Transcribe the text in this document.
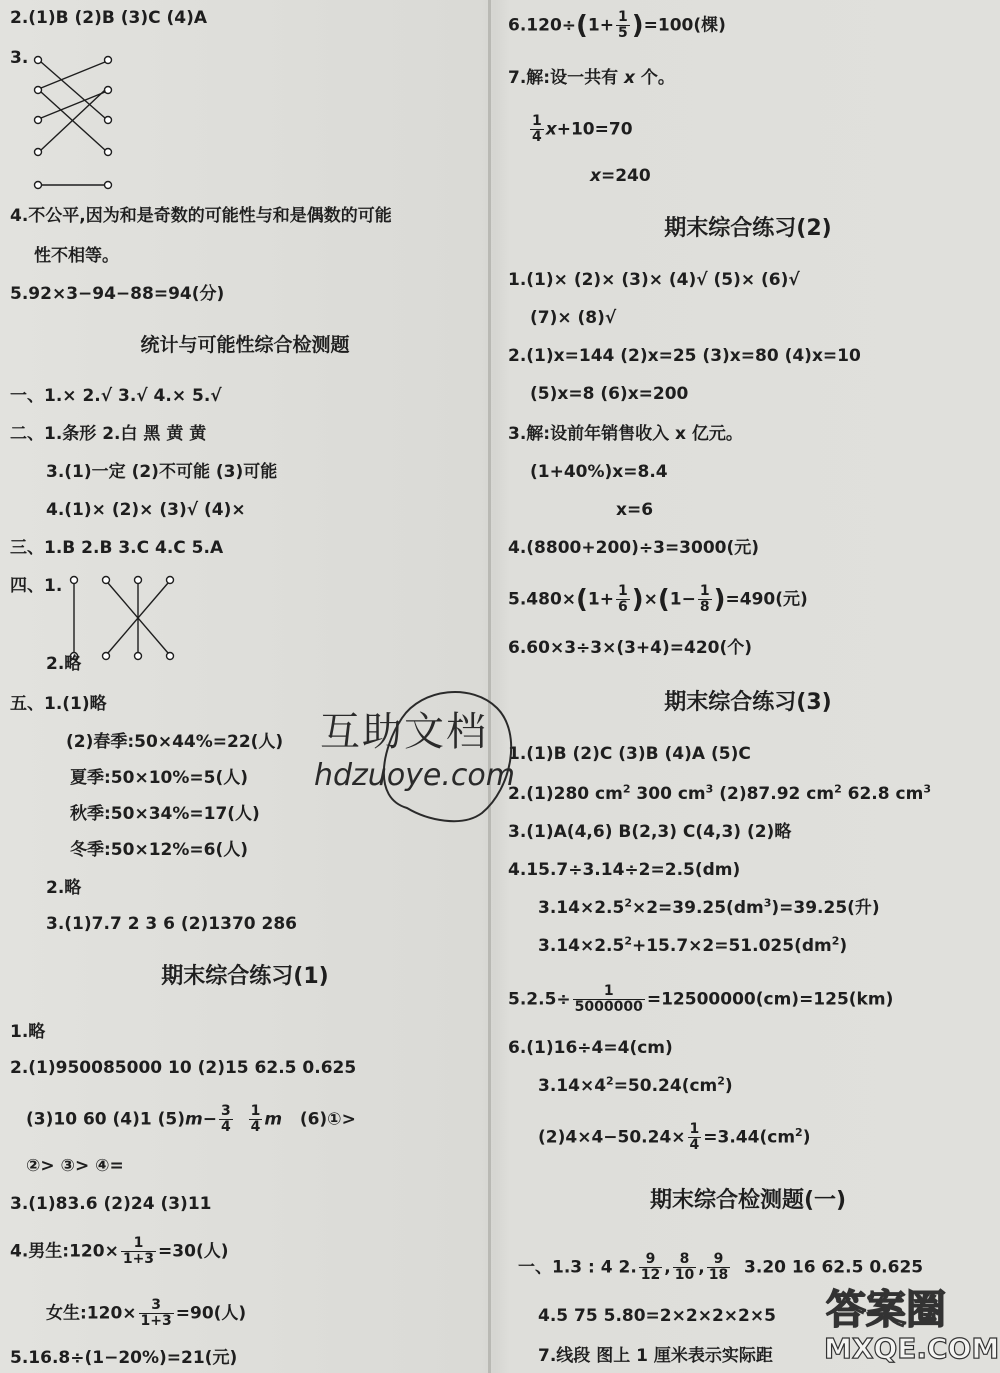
2.(1)B (2)B (3)C (4)A
3.
4.不公平,因为和是奇数的可能性与和是偶数的可能
性不相等。
5.92×3−94−88=94(分)
统计与可能性综合检测题
一、1.× 2.√ 3.√ 4.× 5.√
二、1.条形 2.白 黑 黄 黄
3.(1)一定 (2)不可能 (3)可能
4.(1)× (2)× (3)√ (4)×
三、1.B 2.B 3.C 4.C 5.A
四、1.
2.略
五、1.(1)略
(2)春季:50×44%=22(人)
夏季:50×10%=5(人)
秋季:50×34%=17(人)
冬季:50×12%=6(人)
2.略
3.(1)7.7 2 3 6 (2)1370 286
期末综合练习(1)
1.略
2.(1)950085000 10 (2)15 62.5 0.625
(3)10 60 (4)1 $(5)m- \frac{3}{4}$
$\frac{1}{4}$ m (6)①>
②> ③> ④=
3.(1)83.6 (2)24 (3)11
4.男生:120× $\frac{1}{1+3} =30$(人)
女生:120× $\frac{3}{1+3} =90$(人)
5.16.8÷(1−20%)=21(元)
$6.120\div(1+ \frac{1}{5} )=100$(棵)
7.解:设一共有 x 个。
$\frac{1}{4} x+10=70$
x=240
期末综合练习(2)
1.(1)× (2)× (3)× (4)√ (5)× (6)√
(7)× (8)√
2.(1)x=144 (2)x=25 (3)x=80 (4)x=10
(5)x=8 (6)x=200
3.解:设前年销售收入 x 亿元。
(1+40%)x=8.4
x=6
4.(8800+200)÷3=3000(元)
$5.480\times(1+ \frac{1}{6} )\times(1- \frac{1}{8} )=490$(元)
6.60×3÷3×(3+4)=420(个)
期末综合练习(3)
1.(1)B (2)C (3)B (4)A (5)C
2.(1)280 $cm^2$ 300 $cm^3$ (2)87.92 $cm^2$ 62.8 $cm^3$
3.(1)A(4,6) B(2,3) C(4,3) (2)略
4.15.7÷3.14÷2=2.5(dm)
$3.14\times 2.5^2\times 2=39.25(dm^3)=39.25$(升)
$3.14\times 2.5^2+15.7\times 2=51.025(dm^2)$
$5.2.5\div \frac{1}{5000000} =12500000(cm)=125(km)$
6.(1)16÷4=4(cm)
$3.14\times 4^2=50.24(cm^2)$
$(2)4\times 4-50.24\times \frac{1}{4} =3.44(cm^2)$
期末综合检测题(一)
一、1.3 : 4 2. $\frac{9}{12}$ , $\frac{8}{10}$ , $\frac{9}{18} 3.20$ 16 62.5 0.625
4.5 75 5.80=2×2×2×2×5
7.线段 图上 1 厘米表示实际距
互助文档
hdzuoye.com
答案圈
MXQE.COM
